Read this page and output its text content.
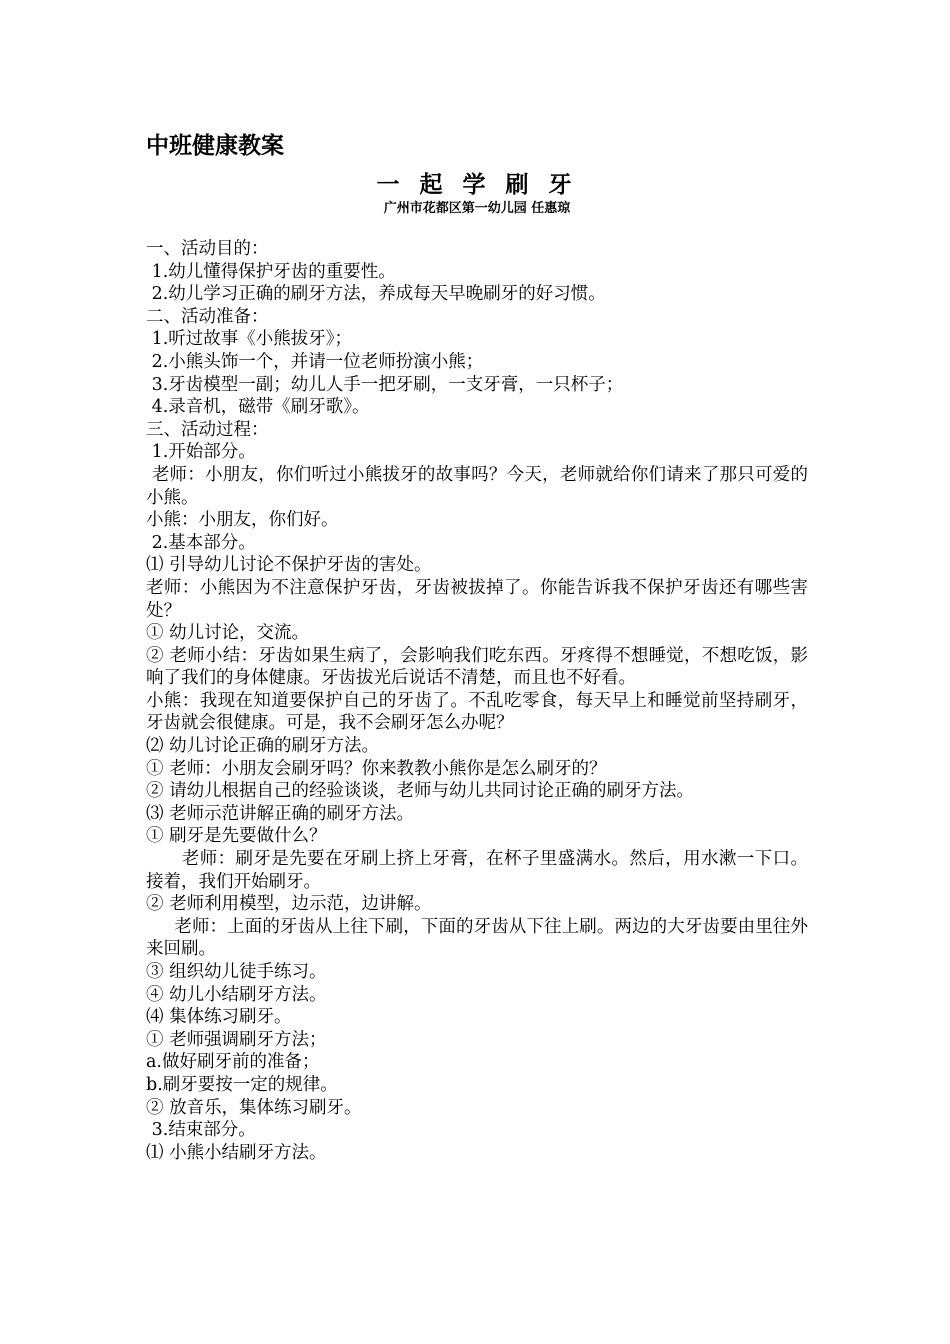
中班健康教案
一 起 学 刷 牙
广州市花都区第一幼儿园 任惠琼
一、活动目的：
1.幼儿懂得保护牙齿的重要性。
2.幼儿学习正确的刷牙方法，养成每天早晚刷牙的好习惯。
二、活动准备：
1.听过故事《小熊拔牙》；
2.小熊头饰一个，并请一位老师扮演小熊；
3.牙齿模型一副；幼儿人手一把牙刷，一支牙膏，一只杯子；
4.录音机，磁带《刷牙歌》。
三、活动过程：
1.开始部分。
老师：小朋友，你们听过小熊拔牙的故事吗？今天，老师就给你们请来了那只可爱的小熊。
小熊：小朋友，你们好。
2.基本部分。
⑴ 引导幼儿讨论不保护牙齿的害处。
老师：小熊因为不注意保护牙齿，牙齿被拔掉了。你能告诉我不保护牙齿还有哪些害处？
① 幼儿讨论，交流。
② 老师小结：牙齿如果生病了，会影响我们吃东西。牙疼得不想睡觉，不想吃饭，影响了我们的身体健康。牙齿拔光后说话不清楚，而且也不好看。
小熊：我现在知道要保护自己的牙齿了。不乱吃零食，每天早上和睡觉前坚持刷牙，牙齿就会很健康。可是，我不会刷牙怎么办呢？
⑵ 幼儿讨论正确的刷牙方法。
① 老师：小朋友会刷牙吗？你来教教小熊你是怎么刷牙的？
② 请幼儿根据自己的经验谈谈，老师与幼儿共同讨论正确的刷牙方法。
⑶ 老师示范讲解正确的刷牙方法。
① 刷牙是先要做什么？
老师：刷牙是先要在牙刷上挤上牙膏，在杯子里盛满水。然后，用水漱一下口。接着，我们开始刷牙。
② 老师利用模型，边示范，边讲解。
老师：上面的牙齿从上往下刷，下面的牙齿从下往上刷。两边的大牙齿要由里往外来回刷。
③ 组织幼儿徒手练习。
④ 幼儿小结刷牙方法。
⑷ 集体练习刷牙。
① 老师强调刷牙方法；
a.做好刷牙前的准备；
b.刷牙要按一定的规律。
② 放音乐，集体练习刷牙。
3.结束部分。
⑴ 小熊小结刷牙方法。
